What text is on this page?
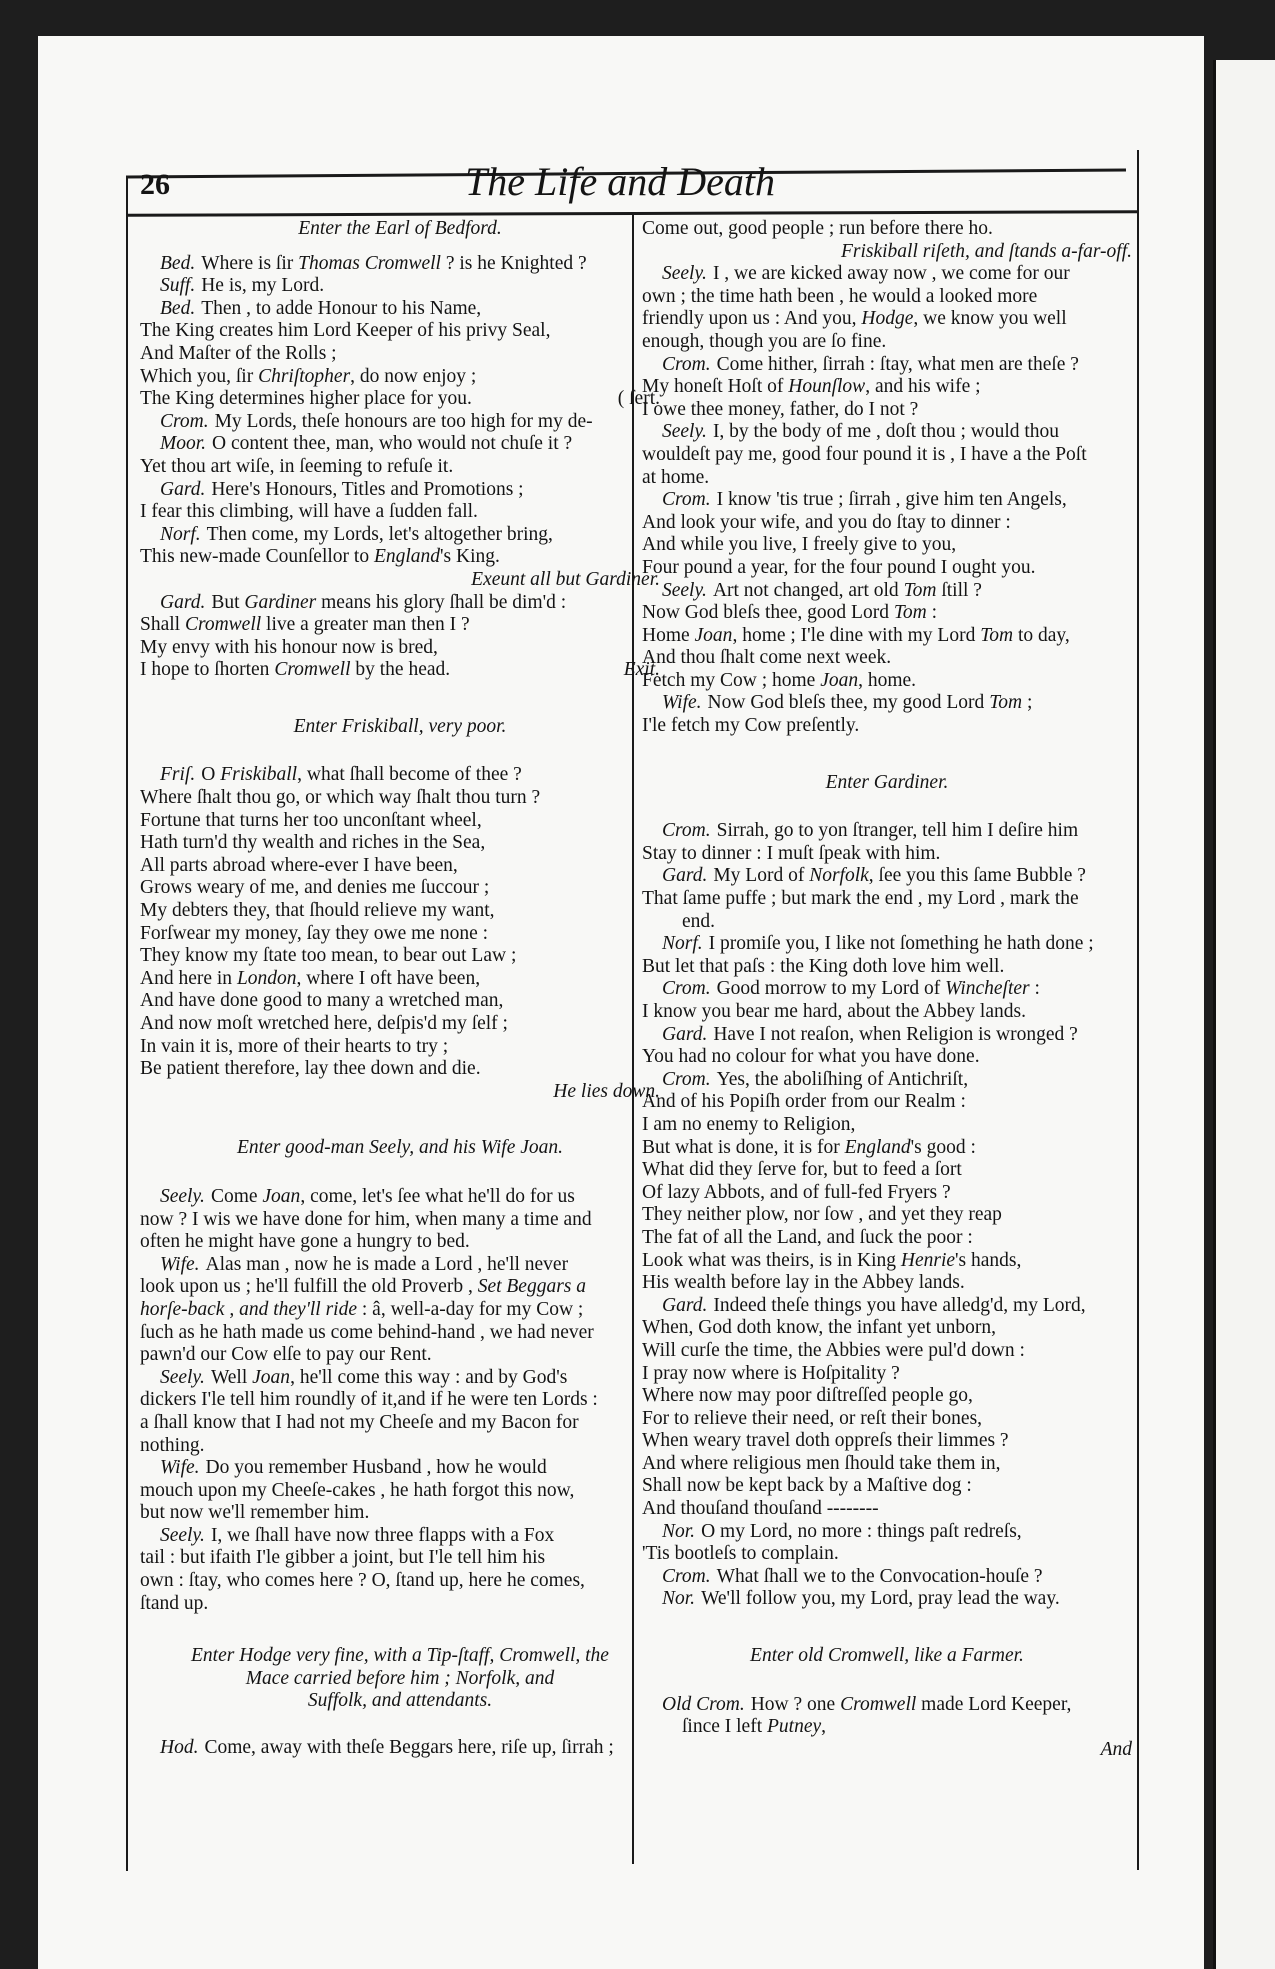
26	The Life and Death
Enter the Earl of Bedford.
Bed. Where is ſir Thomas Cromwell ? is he Knighted ?
Suff. He is, my Lord.
Bed. Then , to adde Honour to his Name,
The King creates him Lord Keeper of his privy Seal,
And Maſter of the Rolls ;
Which you, ſir Chriſtopher, do now enjoy ;
The King determines higher place for you.	( ſert.
Crom. My Lords, theſe honours are too high for my de-
Moor. O content thee, man, who would not chuſe it ?
Yet thou art wiſe, in ſeeming to refuſe it.
Gard. Here's Honours, Titles and Promotions ;
I fear this climbing, will have a ſudden fall.
Norf. Then come, my Lords, let's altogether bring,
This new-made Counſellor to England's King.
Exeunt all but Gardiner.
Gard. But Gardiner means his glory ſhall be dim'd :
Shall Cromwell live a greater man then I ?
My envy with his honour now is bred,
I hope to ſhorten Cromwell by the head.	Exit.
Enter Friskiball, very poor.
Friſ. O Friskiball, what ſhall become of thee ?
Where ſhalt thou go, or which way ſhalt thou turn ?
Fortune that turns her too unconſtant wheel,
Hath turn'd thy wealth and riches in the Sea,
All parts abroad where-ever I have been,
Grows weary of me, and denies me ſuccour ;
My debters they, that ſhould relieve my want,
Forſwear my money, ſay they owe me none :
They know my ſtate too mean, to bear out Law ;
And here in London, where I oft have been,
And have done good to many a wretched man,
And now moſt wretched here, deſpis'd my ſelf ;
In vain it is, more of their hearts to try ;
Be patient therefore, lay thee down and die.
He lies down.
Enter good-man Seely, and his Wife Joan.
Seely. Come Joan, come, let's ſee what he'll do for us
now ? I wis we have done for him, when many a time and
often he might have gone a hungry to bed.
Wife. Alas man , now he is made a Lord , he'll never
look upon us ; he'll fulfill the old Proverb , Set Beggars a
horſe-back , and they'll ride : â, well-a-day for my Cow ;
ſuch as he hath made us come behind-hand , we had never
pawn'd our Cow elſe to pay our Rent.
Seely. Well Joan, he'll come this way : and by God's
dickers I'le tell him roundly of it,and if he were ten Lords :
a ſhall know that I had not my Cheeſe and my Bacon for
nothing.
Wife. Do you remember Husband , how he would
mouch upon my Cheeſe-cakes , he hath forgot this now,
but now we'll remember him.
Seely. I, we ſhall have now three flapps with a Fox
tail : but ifaith I'le gibber a joint, but I'le tell him his
own : ſtay, who comes here ? O, ſtand up, here he comes,
ſtand up.
Enter Hodge very fine, with a Tip-ſtaff, Cromwell, the
Mace carried before him ; Norfolk, and
Suffolk, and attendants.
Hod. Come, away with theſe Beggars here, riſe up, ſirrah ;
Come out, good people ; run before there ho.
Friskiball riſeth, and ſtands a-far-off.
Seely. I , we are kicked away now , we come for our
own ; the time hath been , he would a looked more
friendly upon us : And you, Hodge, we know you well
enough, though you are ſo fine.
Crom. Come hither, ſirrah : ſtay, what men are theſe ?
My honeſt Hoſt of Hounſlow, and his wife ;
I owe thee money, father, do I not ?
Seely. I, by the body of me , doſt thou ; would thou
wouldeſt pay me, good four pound it is , I have a the Poſt
at home.
Crom. I know 'tis true ; ſirrah , give him ten Angels,
And look your wife, and you do ſtay to dinner :
And while you live, I freely give to you,
Four pound a year, for the four pound I ought you.
Seely. Art not changed, art old Tom ſtill ?
Now God bleſs thee, good Lord Tom :
Home Joan, home ; I'le dine with my Lord Tom to day,
And thou ſhalt come next week.
Fetch my Cow ; home Joan, home.
Wife. Now God bleſs thee, my good Lord Tom ;
I'le fetch my Cow preſently.
Enter Gardiner.
Crom. Sirrah, go to yon ſtranger, tell him I deſire him
Stay to dinner : I muſt ſpeak with him.
Gard. My Lord of Norfolk, ſee you this ſame Bubble ?
That ſame puffe ; but mark the end , my Lord , mark the
end.
Norf. I promiſe you, I like not ſomething he hath done ;
But let that paſs : the King doth love him well.
Crom. Good morrow to my Lord of Wincheſter :
I know you bear me hard, about the Abbey lands.
Gard. Have I not reaſon, when Religion is wronged ?
You had no colour for what you have done.
Crom. Yes, the aboliſhing of Antichriſt,
And of his Popiſh order from our Realm :
I am no enemy to Religion,
But what is done, it is for England's good :
What did they ſerve for, but to feed a ſort
Of lazy Abbots, and of full-fed Fryers ?
They neither plow, nor ſow , and yet they reap
The fat of all the Land, and ſuck the poor :
Look what was theirs, is in King Henrie's hands,
His wealth before lay in the Abbey lands.
Gard. Indeed theſe things you have alledg'd, my Lord,
When, God doth know, the infant yet unborn,
Will curſe the time, the Abbies were pul'd down :
I pray now where is Hoſpitality ?
Where now may poor diſtreſſed people go,
For to relieve their need, or reſt their bones,
When weary travel doth oppreſs their limmes ?
And where religious men ſhould take them in,
Shall now be kept back by a Maſtive dog :
And thouſand thouſand --------
Nor. O my Lord, no more : things paſt redreſs,
'Tis bootleſs to complain.
Crom. What ſhall we to the Convocation-houſe ?
Nor. We'll follow you, my Lord, pray lead the way.
Enter old Cromwell, like a Farmer.
Old Crom. How ? one Cromwell made Lord Keeper,
ſince I left Putney,
And
